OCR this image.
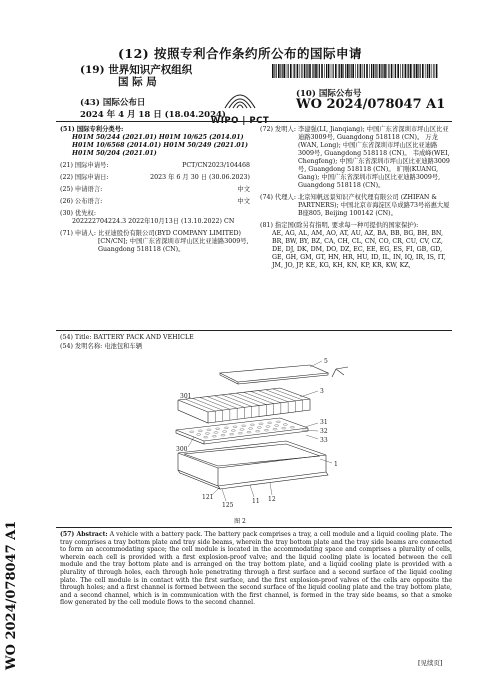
(12) 按照专利合作条约所公布的国际申请
(19) 世界知识产权组织
国 际 局
(43) 国际公布日
2024 年 4 月 18 日 (18.04.2024)
WIPO | PCT
(10) 国际公布号
WO 2024/078047 A1
(51) 国际专利分类号:
H01M 50/244 (2021.01) H01M 10/625 (2014.01)
H01M 10/6568 (2014.01) H01M 50/249 (2021.01)
H01M 50/204 (2021.01)
(21) 国际申请号:	PCT/CN2023/104468
(22) 国际申请日:	2023 年 6 月 30 日 (30.06.2023)
(25) 申请语言:	中文
(26) 公布语言:	中文
(30) 优先权:
202222704224.3 2022年10月13日 (13.10.2022) CN
(71) 申请人: 比亚迪股份有限公司(BYD COMPANY LIMITED) [CN/CN]; 中国广东省深圳市坪山区比亚迪路3009号, Guangdong 518118 (CN)。
(72) 发明人: 李建强(LI, Jianqiang); 中国广东省深圳市坪山区比亚迪路3009号, Guangdong 518118 (CN)。 万龙(WAN, Long); 中国广东省深圳市坪山区比亚迪路3009号, Guangdong 518118 (CN)。 韦成峰(WEI, Chengfeng); 中国广东省深圳市坪山区比亚迪路3009号, Guangdong 518118 (CN)。 旷刚(KUANG, Gang); 中国广东省深圳市坪山区比亚迪路3009号, Guangdong 518118 (CN)。
(74) 代理人: 北京知帆远景知识产权代理有限公司 (ZHIFAN & PARTNERS); 中国北京市海淀区阜成路73号裕惠大厦B座805, Beijing 100142 (CN)。
(81) 指定国(除另有指明, 要求每一种可提供的国家保护):
AE, AG, AL, AM, AO, AT, AU, AZ, BA, BB, BG, BH, BN, BR, BW, BY, BZ, CA, CH, CL, CN, CO, CR, CU, CV, CZ, DE, DJ, DK, DM, DO, DZ, EC, EE, EG, ES, FI, GB, GD, GE, GH, GM, GT, HN, HR, HU, ID, IL, IN, IQ, IR, IS, IT, JM, JO, JP, KE, KG, KH, KN, KP, KR, KW, KZ,
(54) Title: BATTERY PACK AND VEHICLE
(54) 发明名称: 电池包和车辆
WO 2024/078047 A1
5
3
301
31
32
33
300
1
12
11
121
125
图 2
(57) Abstract: A vehicle with a battery pack. The battery pack comprises a tray, a cell module and a liquid cooling plate. The tray comprises a tray bottom plate and tray side beams, wherein the tray bottom plate and the tray side beams are connected to form an accommodating space; the cell module is located in the accommodating space and comprises a plurality of cells, wherein each cell is provided with a first explosion-proof valve; and the liquid cooling plate is located between the cell module and the tray bottom plate and is arranged on the tray bottom plate, and a liquid cooling plate is provided with a plurality of through holes, each through hole penetrating through a first surface and a second surface of the liquid cooling plate. The cell module is in contact with the first surface, and the first explosion-proof valves of the cells are opposite the through holes; and a first channel is formed between the second surface of the liquid cooling plate and the tray bottom plate, and a second channel, which is in communication with the first channel, is formed in the tray side beams, so that a smoke flow generated by the cell module flows to the second channel.
[见续页]
